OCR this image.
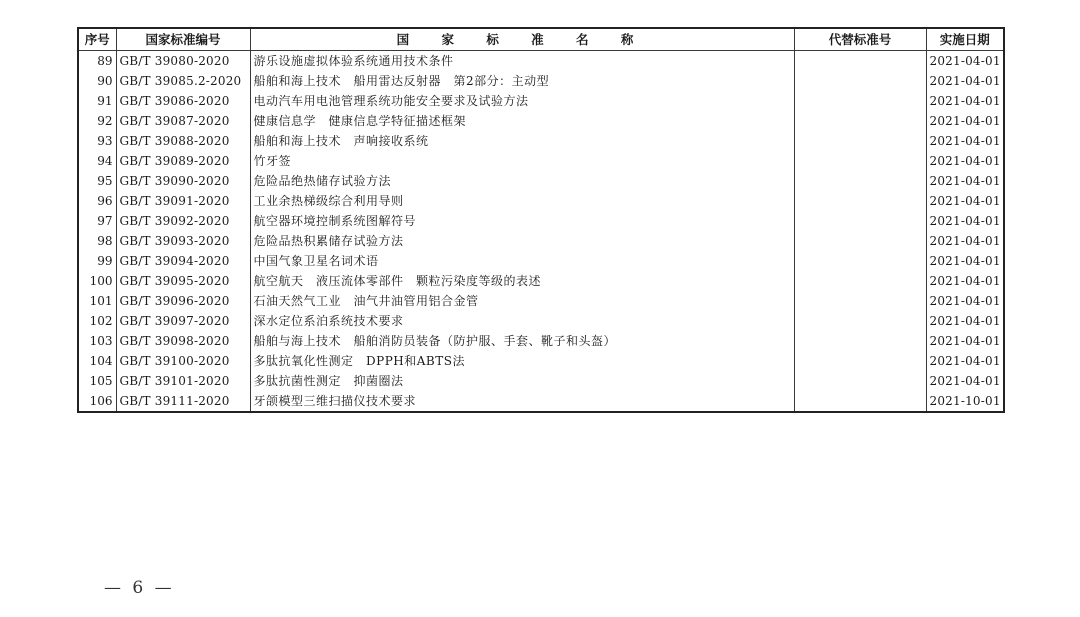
序号	国家标准编号	国 家 标 准 名 称	代替标准号	实施日期
89	GB/T 39080-2020	游乐设施虚拟体验系统通用技术条件		2021-04-01
90	GB/T 39085.2-2020	船舶和海上技术　船用雷达反射器　第2部分：主动型		2021-04-01
91	GB/T 39086-2020	电动汽车用电池管理系统功能安全要求及试验方法		2021-04-01
92	GB/T 39087-2020	健康信息学　健康信息学特征描述框架		2021-04-01
93	GB/T 39088-2020	船舶和海上技术　声响接收系统		2021-04-01
94	GB/T 39089-2020	竹牙签		2021-04-01
95	GB/T 39090-2020	危险品绝热储存试验方法		2021-04-01
96	GB/T 39091-2020	工业余热梯级综合利用导则		2021-04-01
97	GB/T 39092-2020	航空器环境控制系统图解符号		2021-04-01
98	GB/T 39093-2020	危险品热积累储存试验方法		2021-04-01
99	GB/T 39094-2020	中国气象卫星名词术语		2021-04-01
100	GB/T 39095-2020	航空航天　液压流体零部件　颗粒污染度等级的表述		2021-04-01
101	GB/T 39096-2020	石油天然气工业　油气井油管用铝合金管		2021-04-01
102	GB/T 39097-2020	深水定位系泊系统技术要求		2021-04-01
103	GB/T 39098-2020	船舶与海上技术　船舶消防员装备（防护服、手套、靴子和头盔）		2021-04-01
104	GB/T 39100-2020	多肽抗氧化性测定　DPPH和ABTS法		2021-04-01
105	GB/T 39101-2020	多肽抗菌性测定　抑菌圈法		2021-04-01
106	GB/T 39111-2020	牙颌模型三维扫描仪技术要求		2021-10-01
— 6 —
